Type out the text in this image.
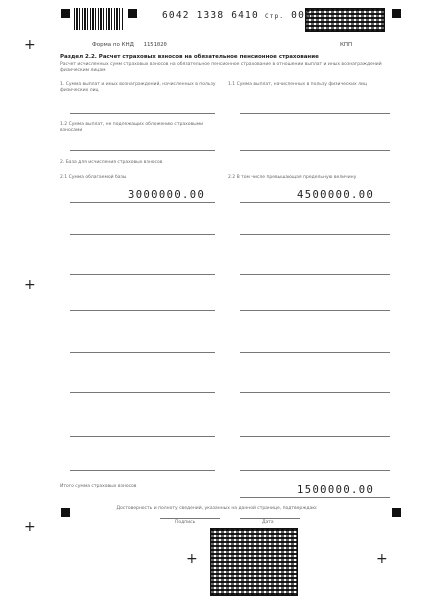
+
+
+
+	+
6042 1338 6410 Стр. 006
Форма по КНД 1151020	КПП
Раздел 2.2. Расчет страховых взносов на обязательное пенсионное страхование
Расчет исчисленных сумм страховых взносов на обязательное пенсионное страхование в отношении выплат и иных вознаграждений физическим лицам
1. Сумма выплат и иных вознаграждений, начисленных в пользу физических лиц
1.1 Сумма выплат, начисленных в пользу физических лиц
1.2 Сумма выплат, не подлежащих обложению страховыми взносами
2. База для исчисления страховых взносов
2.1 Сумма облагаемой базы	2.2 В том числе превышающая предельную величину
3000000.00	4500000.00
Итого сумма страховых взносов	1500000.00
Достоверность и полноту сведений, указанных на данной странице, подтверждаю:
Подпись	Дата
